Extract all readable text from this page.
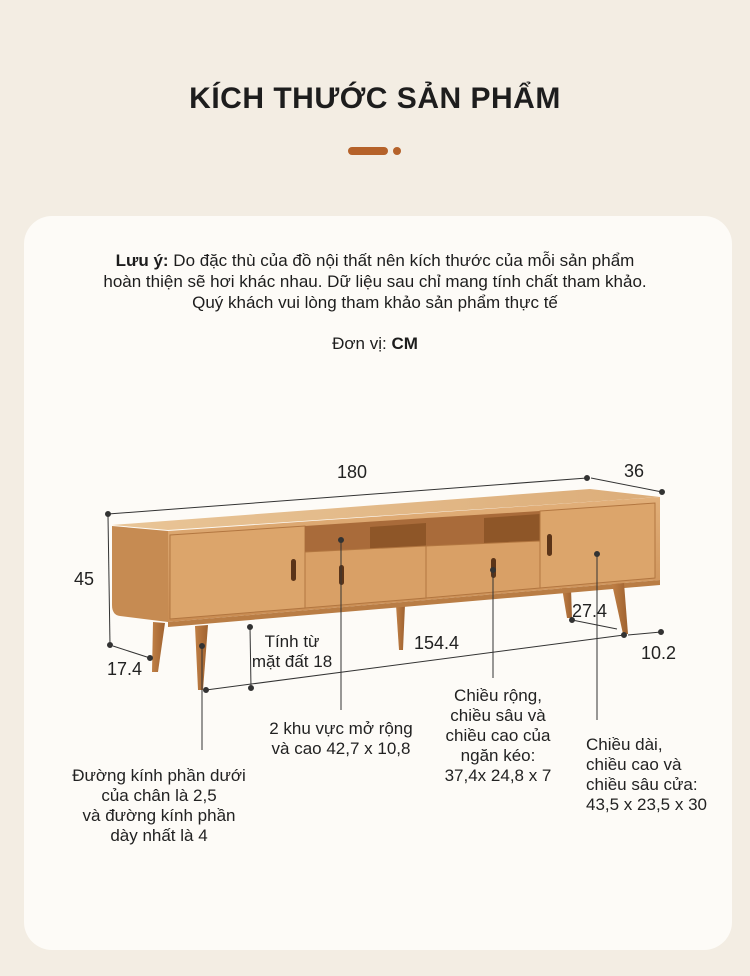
KÍCH THƯỚC SẢN PHẨM
Lưu ý: Do đặc thù của đồ nội thất nên kích thước của mỗi sản phẩm
hoàn thiện sẽ hơi khác nhau. Dữ liệu sau chỉ mang tính chất tham khảo.
Quý khách vui lòng tham khảo sản phẩm thực tế
Đơn vị: CM
180	36
45
17.4
27.4
154.4	10.2
Tính từ
mặt đất 18
2 khu vực mở rộng
và cao 42,7 x 10,8
Chiều rộng,
chiều sâu và
chiều cao của
ngăn kéo:
37,4x 24,8 x 7
Chiều dài,
chiều cao và
chiều sâu cửa:
43,5 x 23,5 x 30
Đường kính phần dưới
của chân là 2,5
và đường kính phần
dày nhất là 4
